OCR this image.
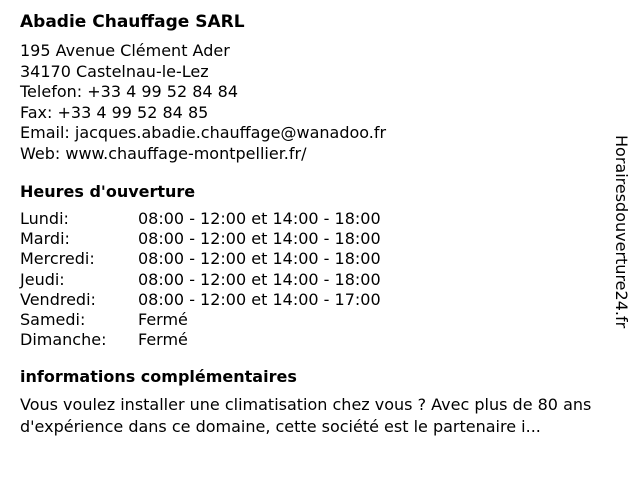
Abadie Chauffage SARL
195 Avenue Clément Ader
34170 Castelnau-le-Lez
Telefon: +33 4 99 52 84 84
Fax: +33 4 99 52 84 85
Email: jacques.abadie.chauffage@wanadoo.fr
Web: www.chauffage-montpellier.fr/
Heures d'ouverture
Lundi:	08:00 - 12:00 et 14:00 - 18:00
Mardi:	08:00 - 12:00 et 14:00 - 18:00
Mercredi:	08:00 - 12:00 et 14:00 - 18:00
Jeudi:	08:00 - 12:00 et 14:00 - 18:00
Vendredi:	08:00 - 12:00 et 14:00 - 17:00
Samedi:	Fermé
Dimanche:	Fermé
informations complémentaires
Vous voulez installer une climatisation chez vous ? Avec plus de 80 ans d'expérience dans ce domaine, cette société est le partenaire i...
Horairesdouverture24.fr
